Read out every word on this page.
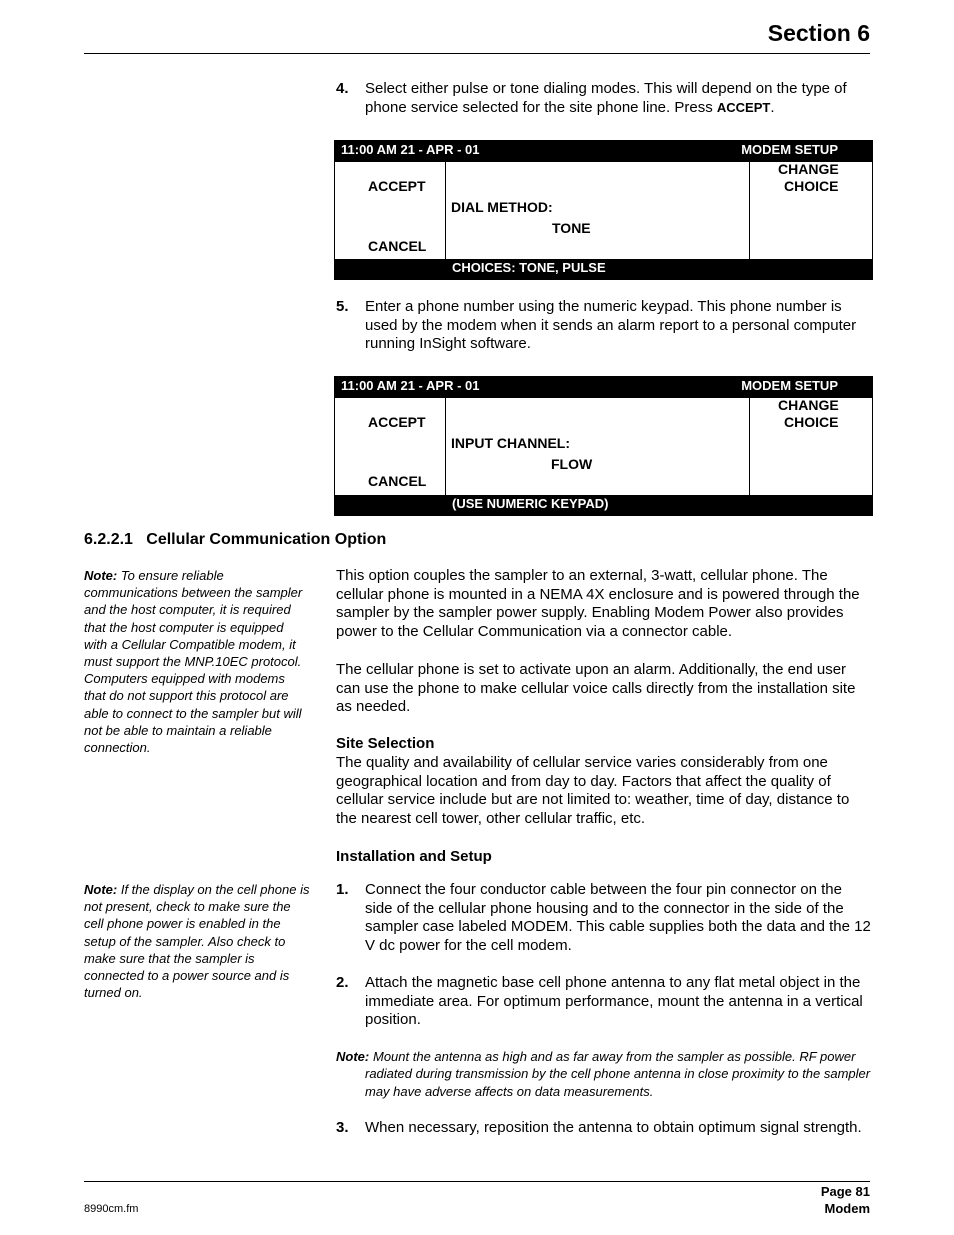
Section 6
4. Select either pulse or tone dialing modes. This will depend on the type of phone service selected for the site phone line. Press ACCEPT.
11:00 AM 21 - APR - 01	MODEM SETUP
ACCEPT
CANCEL
CHANGE
CHOICE
DIAL METHOD:
TONE
CHOICES: TONE, PULSE
5. Enter a phone number using the numeric keypad. This phone number is used by the modem when it sends an alarm report to a personal computer running InSight software.
11:00 AM 21 - APR - 01	MODEM SETUP
ACCEPT
CANCEL
CHANGE
CHOICE
INPUT CHANNEL:
FLOW
(USE NUMERIC KEYPAD)
6.2.2.1 Cellular Communication Option
Note: To ensure reliable communications between the sampler and the host computer, it is required that the host computer is equipped with a Cellular Compatible modem, it must support the MNP.10EC protocol. Computers equipped with modems that do not support this protocol are able to connect to the sampler but will not be able to maintain a reliable connection.
This option couples the sampler to an external, 3-watt, cellular phone. The cellular phone is mounted in a NEMA 4X enclosure and is powered through the sampler by the sampler power supply. Enabling Modem Power also provides power to the Cellular Communication via a connector cable.
The cellular phone is set to activate upon an alarm. Additionally, the end user can use the phone to make cellular voice calls directly from the installation site as needed.
Site Selection
The quality and availability of cellular service varies considerably from one geographical location and from day to day. Factors that affect the quality of cellular service include but are not limited to: weather, time of day, distance to the nearest cell tower, other cellular traffic, etc.
Installation and Setup
Note: If the display on the cell phone is not present, check to make sure the cell phone power is enabled in the setup of the sampler. Also check to make sure that the sampler is connected to a power source and is turned on.
1. Connect the four conductor cable between the four pin connector on the side of the cellular phone housing and to the connector in the side of the sampler case labeled MODEM. This cable supplies both the data and the 12 V dc power for the cell modem.
2. Attach the magnetic base cell phone antenna to any flat metal object in the immediate area. For optimum performance, mount the antenna in a vertical position.
Note: Mount the antenna as high and as far away from the sampler as possible. RF power radiated during transmission by the cell phone antenna in close proximity to the sampler may have adverse affects on data measurements.
3. When necessary, reposition the antenna to obtain optimum signal strength.
Page 81
Modem
8990cm.fm
